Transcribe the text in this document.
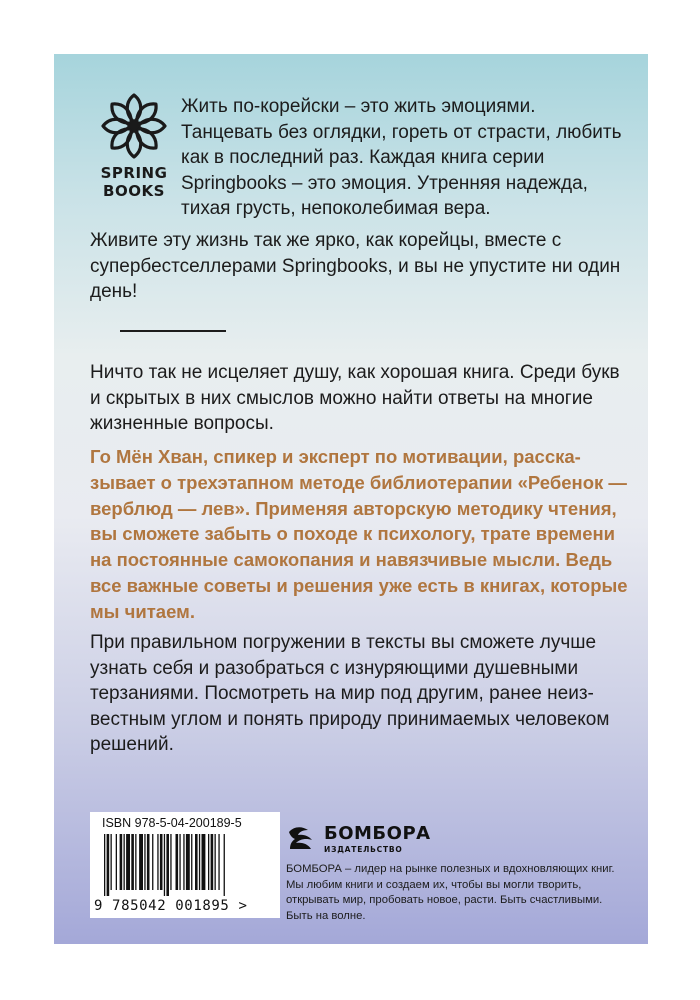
SPRING
BOOKS

Жить по-корейски – это жить эмоциями. Танцевать без оглядки, гореть от страсти, любить как в последний раз. Каждая книга серии Springbooks – это эмоция. Утренняя надежда, тихая грусть, непоколебимая вера.

Живите эту жизнь так же ярко, как корейцы, вместе с супербестселлерами Springbooks, и вы не упустите ни один день!

Ничто так не исцеляет душу, как хорошая книга. Среди букв и скрытых в них смыслов можно найти ответы на многие жизненные вопросы.

Го Мён Хван, спикер и эксперт по мотивации, рассказывает о трехэтапном методе библиотерапии «Ребенок — верблюд — лев». Применяя авторскую методику чтения, вы сможете забыть о походе к психологу, трате времени на постоянные самокопания и навязчивые мысли. Ведь все важные советы и решения уже есть в книгах, которые мы читаем.

При правильном погружении в тексты вы сможете лучше узнать себя и разобраться с изнуряющими душевными терзаниями. Посмотреть на мир под другим, ранее неизвестным углом и понять природу принимаемых человеком решений.

ISBN 978-5-04-200189-5
9 785042 001895 >
БОМБОРА
ИЗДАТЕЛЬСТВО

БОМБОРА – лидер на рынке полезных и вдохновляющих книг. Мы любим книги и создаем их, чтобы вы могли творить, открывать мир, пробовать новое, расти. Быть счастливыми. Быть на волне.
